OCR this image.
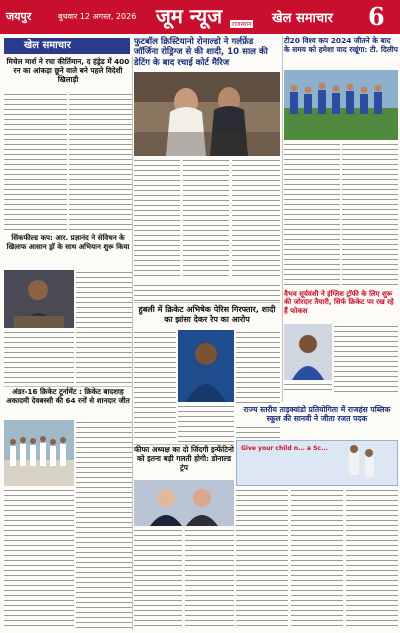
जयपुर	बुधवार 12 अगस्त, 2026 जूम न्यूज	राजस्थान खेल समाचार 6
खेल समाचार	फुटबॉल क्रिस्टियानो रोनाल्डो ने गर्लफ्रेंड जॉर्जिना रोड्रिग्ज से की शादी, 10 साल की डेटिंग के बाद रचाई कोर्ट मैरिज
टी20 विश्व कप 2024 जीतने के बाद के समय को हमेशा याद रखूंगा: टी. दिलीप
मिचेल मार्श ने रचा कीर्तिमान, द हंड्रेड में 400 रन का आंकड़ा छूने वाले बने पहले विदेशी खिलाड़ी
सिंकफील्ड कप: आर. प्रज्ञानंद ने सेविचन के खिलाफ आसान ड्रॉ के साथ अभियान शुरू किया
हुबली में क्रिकेट अभिषेक पेरिस गिरफ्तार, शादी का झांसा देकर रेप का आरोप
वैभव सूर्यवंशी ने इंग्लिश ट्रॉफी के लिए शुरू की जोरदार तैयारी, सिर्फ क्रिकेट पर रख रहे हैं फोकस
अंडर-16 क्रिकेट टूर्नामेंट : क्रिकेट बादशाह अकादमी देवबस्सी की 64 रनों से शानदार जीत
राज्य स्तरीय ताइक्वांडो प्रतियोगिता में राजहंस पब्लिक स्कूल की सानवी ने जीता रजत पदक
Give your child n... a Sc...
फीफा अध्यक्ष का दो जिंदगी इन्फेंटिनो को इतना बड़ी गलती होगी: डोनाल्ड ट्रंप
